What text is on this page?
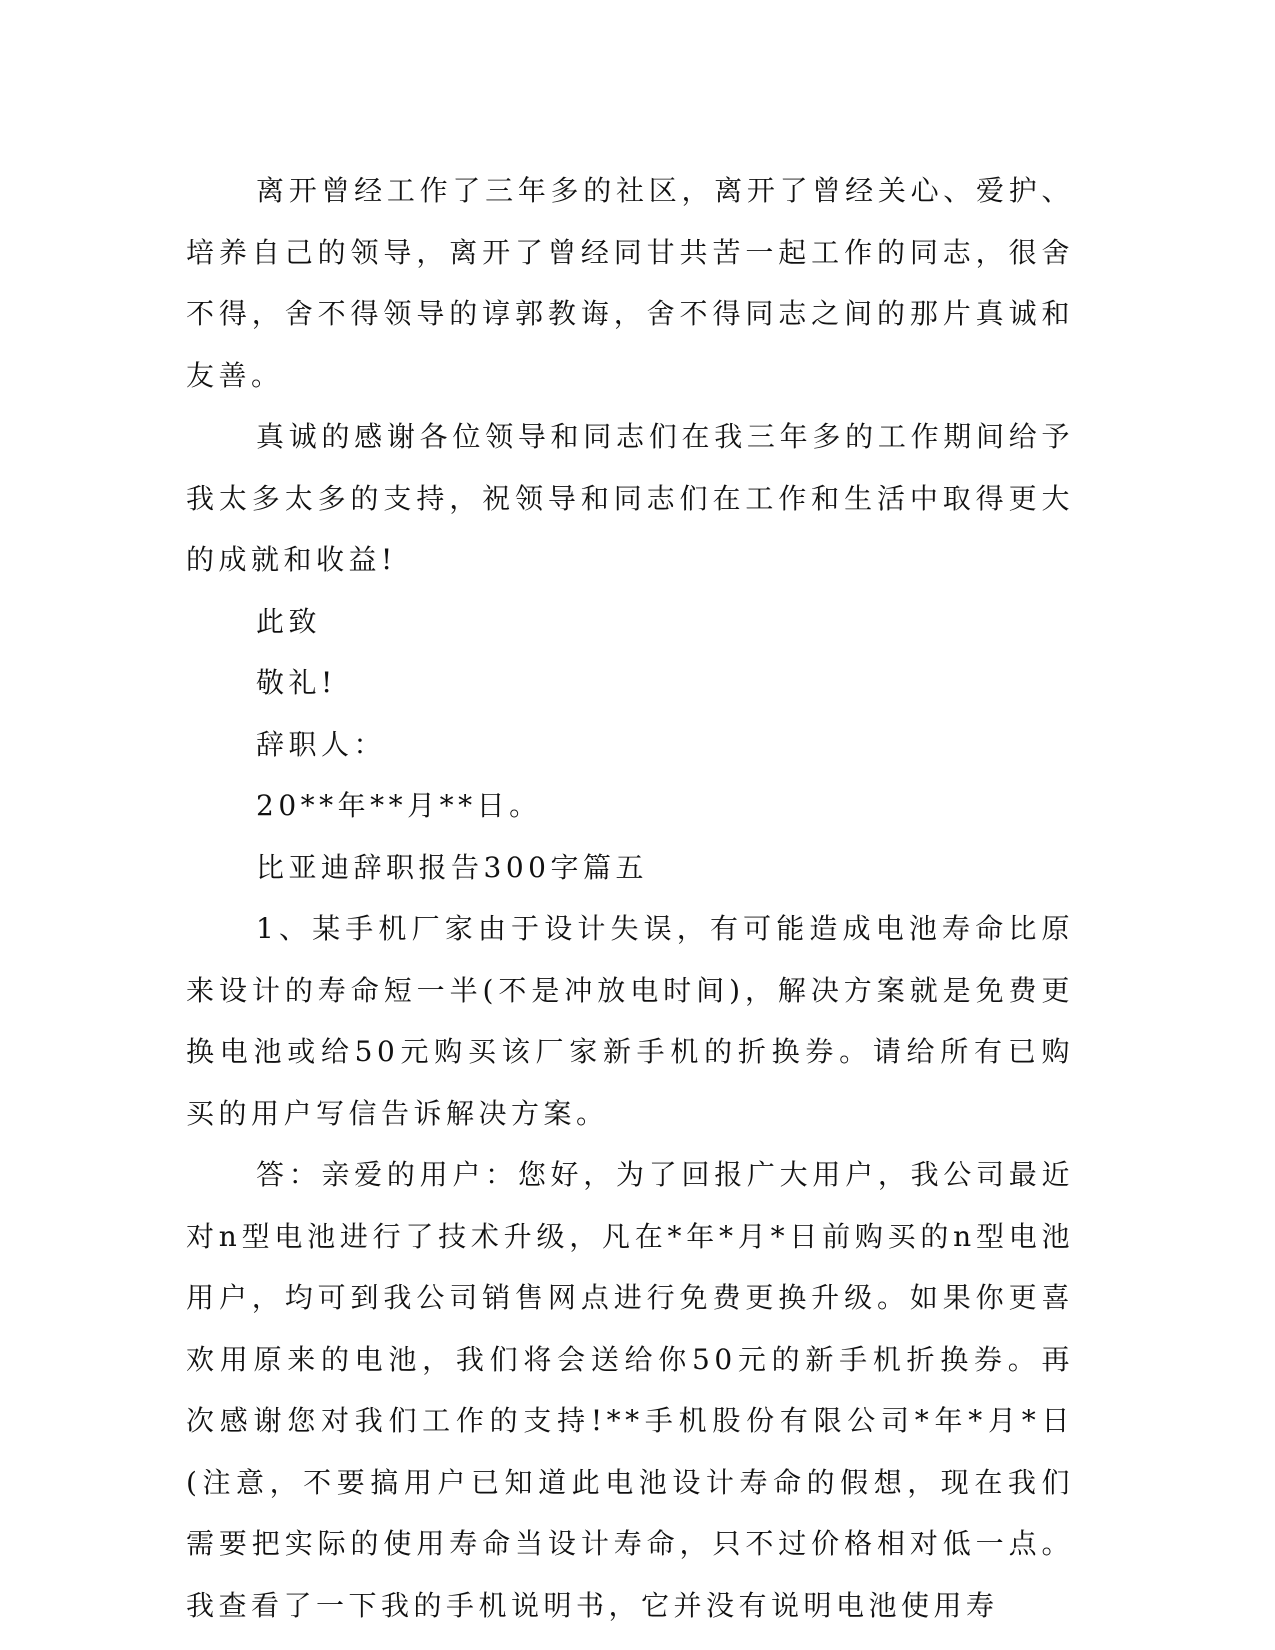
离开曾经工作了三年多的社区，离开了曾经关心、爱护、培养自己的领导，离开了曾经同甘共苦一起工作的同志，很舍不得，舍不得领导的谆郭教诲，舍不得同志之间的那片真诚和友善。

真诚的感谢各位领导和同志们在我三年多的工作期间给予我太多太多的支持，祝领导和同志们在工作和生活中取得更大的成就和收益!

此致

敬礼!

辞职人：

20**年**月**日。

比亚迪辞职报告300字篇五

1、某手机厂家由于设计失误，有可能造成电池寿命比原来设计的寿命短一半(不是冲放电时间)，解决方案就是免费更换电池或给50元购买该厂家新手机的折换券。请给所有已购买的用户写信告诉解决方案。

答：亲爱的用户：您好，为了回报广大用户，我公司最近对n型电池进行了技术升级，凡在*年*月*日前购买的n型电池用户，均可到我公司销售网点进行免费更换升级。如果你更喜欢用原来的电池，我们将会送给你50元的新手机折换券。再次感谢您对我们工作的支持!**手机股份有限公司*年*月*日(注意，不要搞用户已知道此电池设计寿命的假想，现在我们需要把实际的使用寿命当设计寿命，只不过价格相对低一点。我查看了一下我的手机说明书，它并没有说明电池使用寿
